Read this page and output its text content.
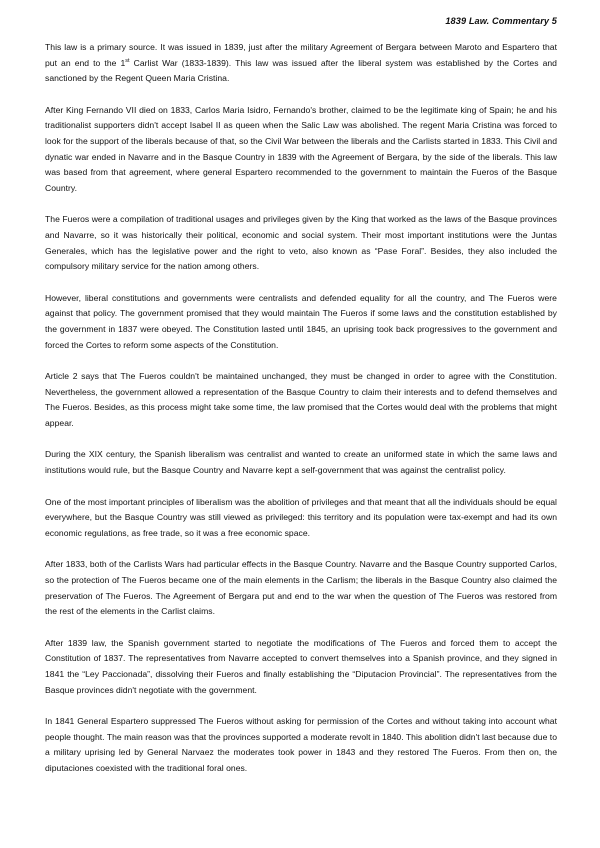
1839 Law. Commentary 5

This law is a primary source. It was issued in 1839, just after the military Agreement of Bergara between Maroto and Espartero that put an end to the 1st Carlist War (1833-1839). This law was issued after the liberal system was established by the Cortes and sanctioned by the Regent Queen Maria Cristina.

After King Fernando VII died on 1833, Carlos Maria Isidro, Fernando's brother, claimed to be the legitimate king of Spain; he and his traditionalist supporters didn't accept Isabel II as queen when the Salic Law was abolished. The regent Maria Cristina was forced to look for the support of the liberals because of that, so the Civil War between the liberals and the Carlists started in 1833. This Civil and dynatic war ended in Navarre and in the Basque Country in 1839 with the Agreement of Bergara, by the side of the liberals. This law was based from that agreement, where general Espartero recommended to the government to maintain the Fueros of the Basque Country.

The Fueros were a compilation of traditional usages and privileges given by the King that worked as the laws of the Basque provinces and Navarre, so it was historically their political, economic and social system. Their most important institutions were the Juntas Generales, which has the legislative power and the right to veto, also known as “Pase Foral”. Besides, they also included the compulsory military service for the nation among others.

However, liberal constitutions and governments were centralists and defended equality for all the country, and The Fueros were against that policy. The government promised that they would maintain The Fueros if some laws and the constitution established by the government in 1837 were obeyed. The Constitution lasted until 1845, an uprising took back progressives to the government and forced the Cortes to reform some aspects of the Constitution.

Article 2 says that The Fueros couldn't be maintained unchanged, they must be changed in order to agree with the Constitution. Nevertheless, the government allowed a representation of the Basque Country to claim their interests and to defend themselves and The Fueros. Besides, as this process might take some time, the law promised that the Cortes would deal with the problems that might appear.

During the XIX century, the Spanish liberalism was centralist and wanted to create an uniformed state in which the same laws and institutions would rule, but the Basque Country and Navarre kept a self-government that was against the centralist policy.

One of the most important principles of liberalism was the abolition of privileges and that meant that all the individuals should be equal everywhere, but the Basque Country was still viewed as privileged: this territory and its population were tax-exempt and had its own economic regulations, as free trade, so it was a free economic space.

After 1833, both of the Carlists Wars had particular effects in the Basque Country. Navarre and the Basque Country supported Carlos, so the protection of The Fueros became one of the main elements in the Carlism; the liberals in the Basque Country also claimed the preservation of The Fueros. The Agreement of Bergara put and end to the war when the question of The Fueros was restored from the rest of the elements in the Carlist claims.

After 1839 law, the Spanish government started to negotiate the modifications of The Fueros and forced them to accept the Constitution of 1837. The representatives from Navarre accepted to convert themselves into a Spanish province, and they signed in 1841 the “Ley Paccionada”, dissolving their Fueros and finally establishing the “Diputacion Provincial”. The representatives from the Basque provinces didn't negotiate with the government.

In 1841 General Espartero suppressed The Fueros without asking for permission of the Cortes and without taking into account what people thought. The main reason was that the provinces supported a moderate revolt in 1840. This abolition didn't last because due to a military uprising led by General Narvaez the moderates took power in 1843 and they restored The Fueros. From then on, the diputaciones coexisted with the traditional foral ones.
